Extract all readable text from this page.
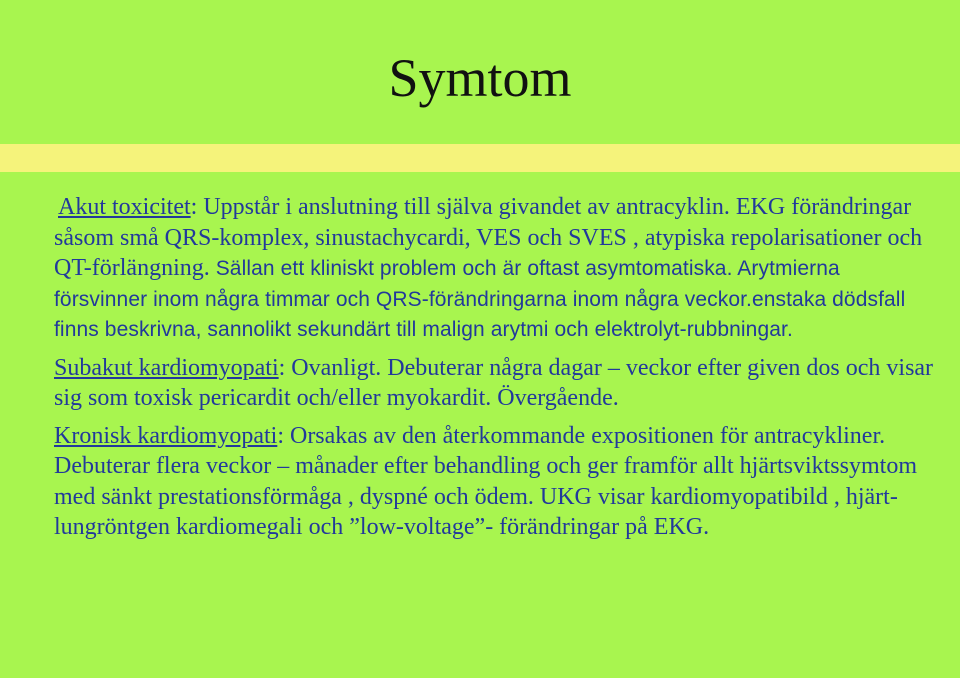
Symtom

Akut toxicitet: Uppstår i anslutning till själva givandet av antracyklin. EKG förändringar såsom små QRS-komplex, sinustachycardi, VES och SVES , atypiska repolarisationer och QT-förlängning. Sällan ett kliniskt problem och är oftast asymtomatiska. Arytmierna försvinner inom några timmar och QRS-förändringarna inom några veckor.enstaka dödsfall finns beskrivna, sannolikt sekundärt till malign arytmi och elektrolyt-rubbningar.

Subakut kardiomyopati: Ovanligt. Debuterar några dagar – veckor efter given dos och visar sig som toxisk pericardit och/eller myokardit. Övergående.

Kronisk kardiomyopati: Orsakas av den återkommande expositionen för antracykliner. Debuterar flera veckor – månader efter behandling och ger framför allt hjärtsviktssymtom med sänkt prestationsförmåga , dyspné och ödem. UKG visar kardiomyopatibild , hjärt-lungröntgen kardiomegali och ”low-voltage”- förändringar på EKG.
